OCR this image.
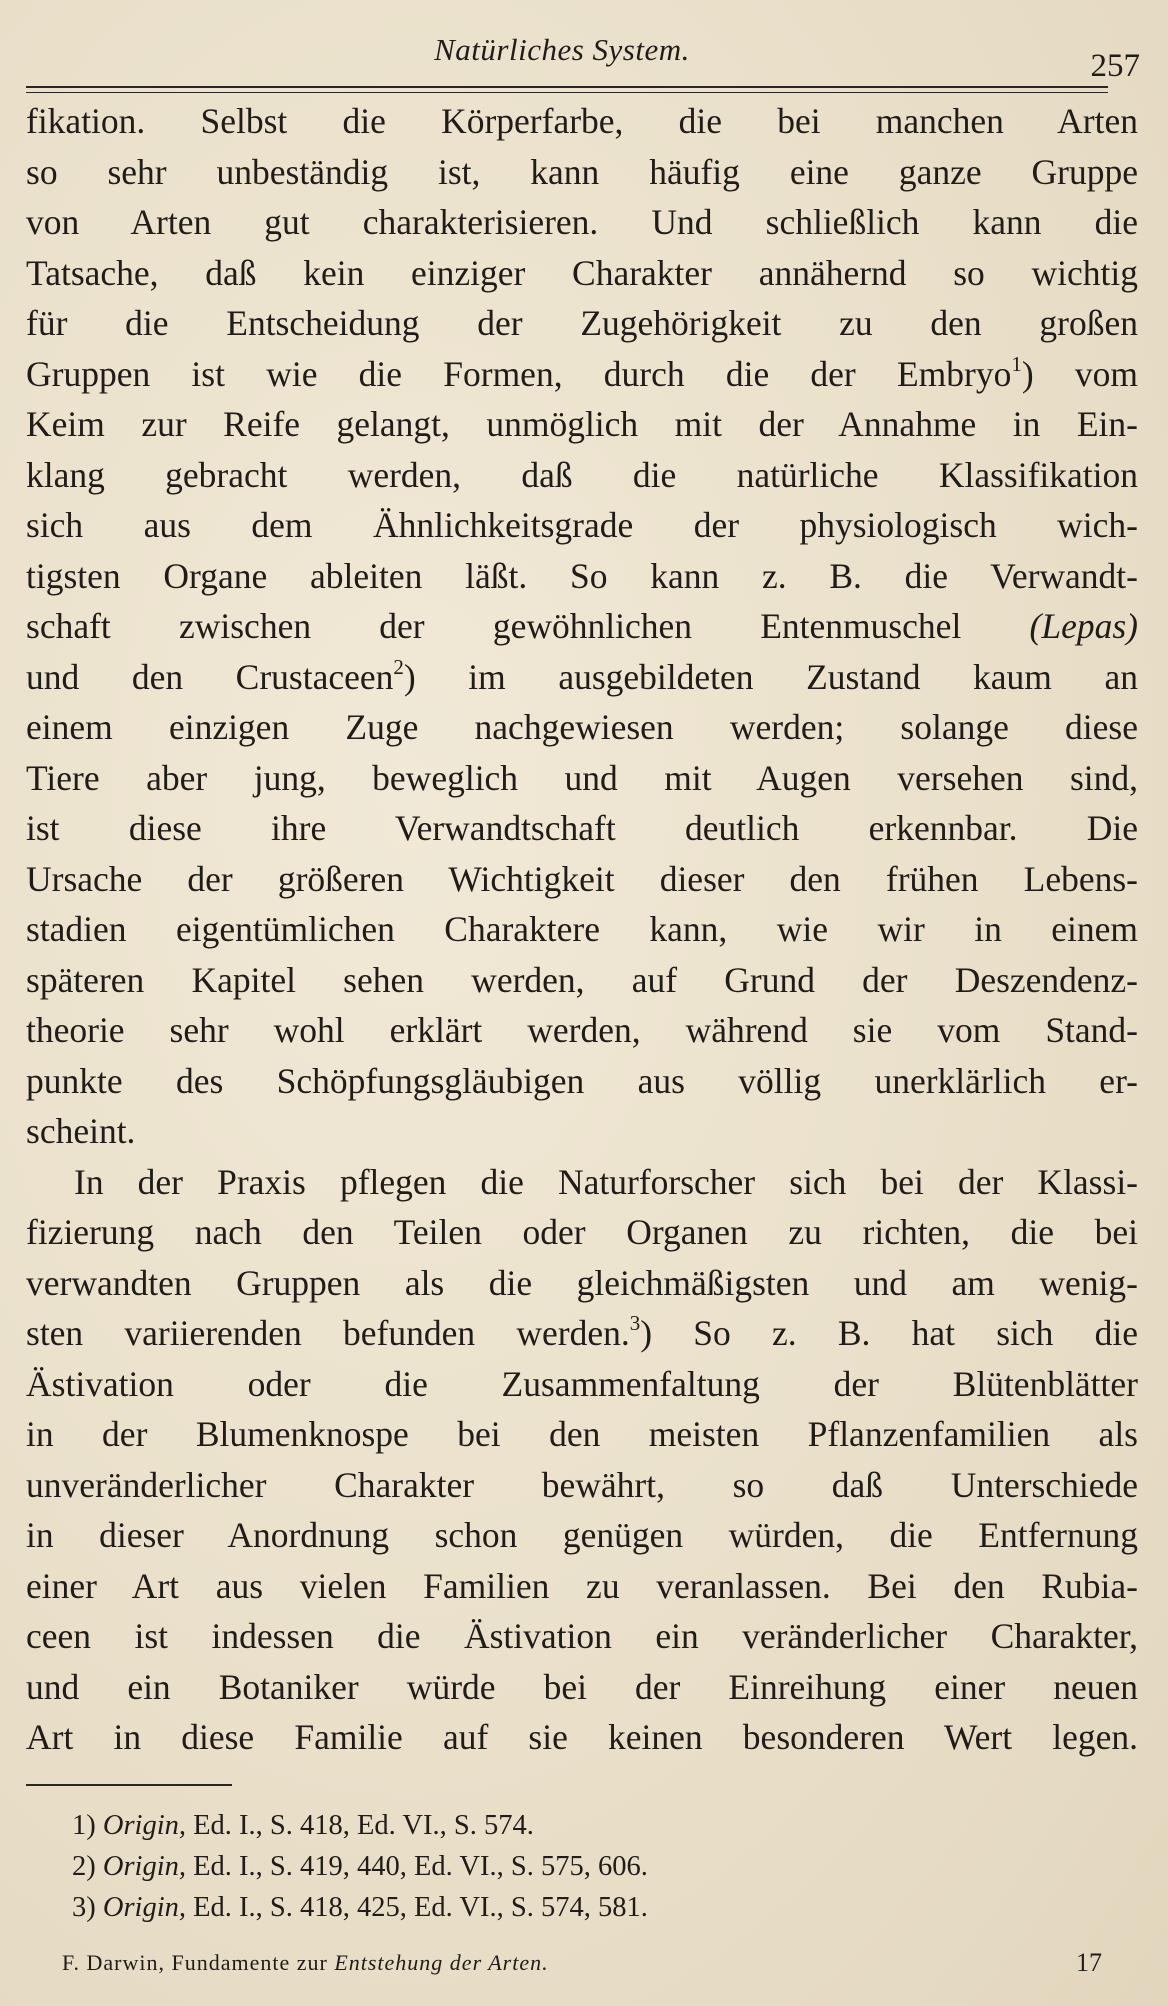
Natürliches System.	257
fikation. Selbst die Körperfarbe, die bei manchen Arten
so sehr unbeständig ist, kann häufig eine ganze Gruppe
von Arten gut charakterisieren. Und schließlich kann die
Tatsache, daß kein einziger Charakter annähernd so wichtig
für die Entscheidung der Zugehörigkeit zu den großen
Gruppen ist wie die Formen, durch die der Embryo$^1$) vom
Keim zur Reife gelangt, unmöglich mit der Annahme in Ein-
klang gebracht werden, daß die natürliche Klassifikation
sich aus dem Ähnlichkeitsgrade der physiologisch wich-
tigsten Organe ableiten läßt. So kann z. B. die Verwandt-
schaft zwischen der gewöhnlichen Entenmuschel (Lepas)
und den Crustaceen$^2$) im ausgebildeten Zustand kaum an
einem einzigen Zuge nachgewiesen werden; solange diese
Tiere aber jung, beweglich und mit Augen versehen sind,
ist diese ihre Verwandtschaft deutlich erkennbar. Die
Ursache der größeren Wichtigkeit dieser den frühen Lebens-
stadien eigentümlichen Charaktere kann, wie wir in einem
späteren Kapitel sehen werden, auf Grund der Deszendenz-
theorie sehr wohl erklärt werden, während sie vom Stand-
punkte des Schöpfungsgläubigen aus völlig unerklärlich er-
scheint.
In der Praxis pflegen die Naturforscher sich bei der Klassi-
fizierung nach den Teilen oder Organen zu richten, die bei
verwandten Gruppen als die gleichmäßigsten und am wenig-
sten variierenden befunden werden.$^3$) So z. B. hat sich die
Ästivation oder die Zusammenfaltung der Blütenblätter
in der Blumenknospe bei den meisten Pflanzenfamilien als
unveränderlicher Charakter bewährt, so daß Unterschiede
in dieser Anordnung schon genügen würden, die Entfernung
einer Art aus vielen Familien zu veranlassen. Bei den Rubia-
ceen ist indessen die Ästivation ein veränderlicher Charakter,
und ein Botaniker würde bei der Einreihung einer neuen
Art in diese Familie auf sie keinen besonderen Wert legen.
1) Origin, Ed. I., S. 418, Ed. VI., S. 574.
2) Origin, Ed. I., S. 419, 440, Ed. VI., S. 575, 606.
3) Origin, Ed. I., S. 418, 425, Ed. VI., S. 574, 581.
F. Darwin, Fundamente zur Entstehung der Arten.	17
